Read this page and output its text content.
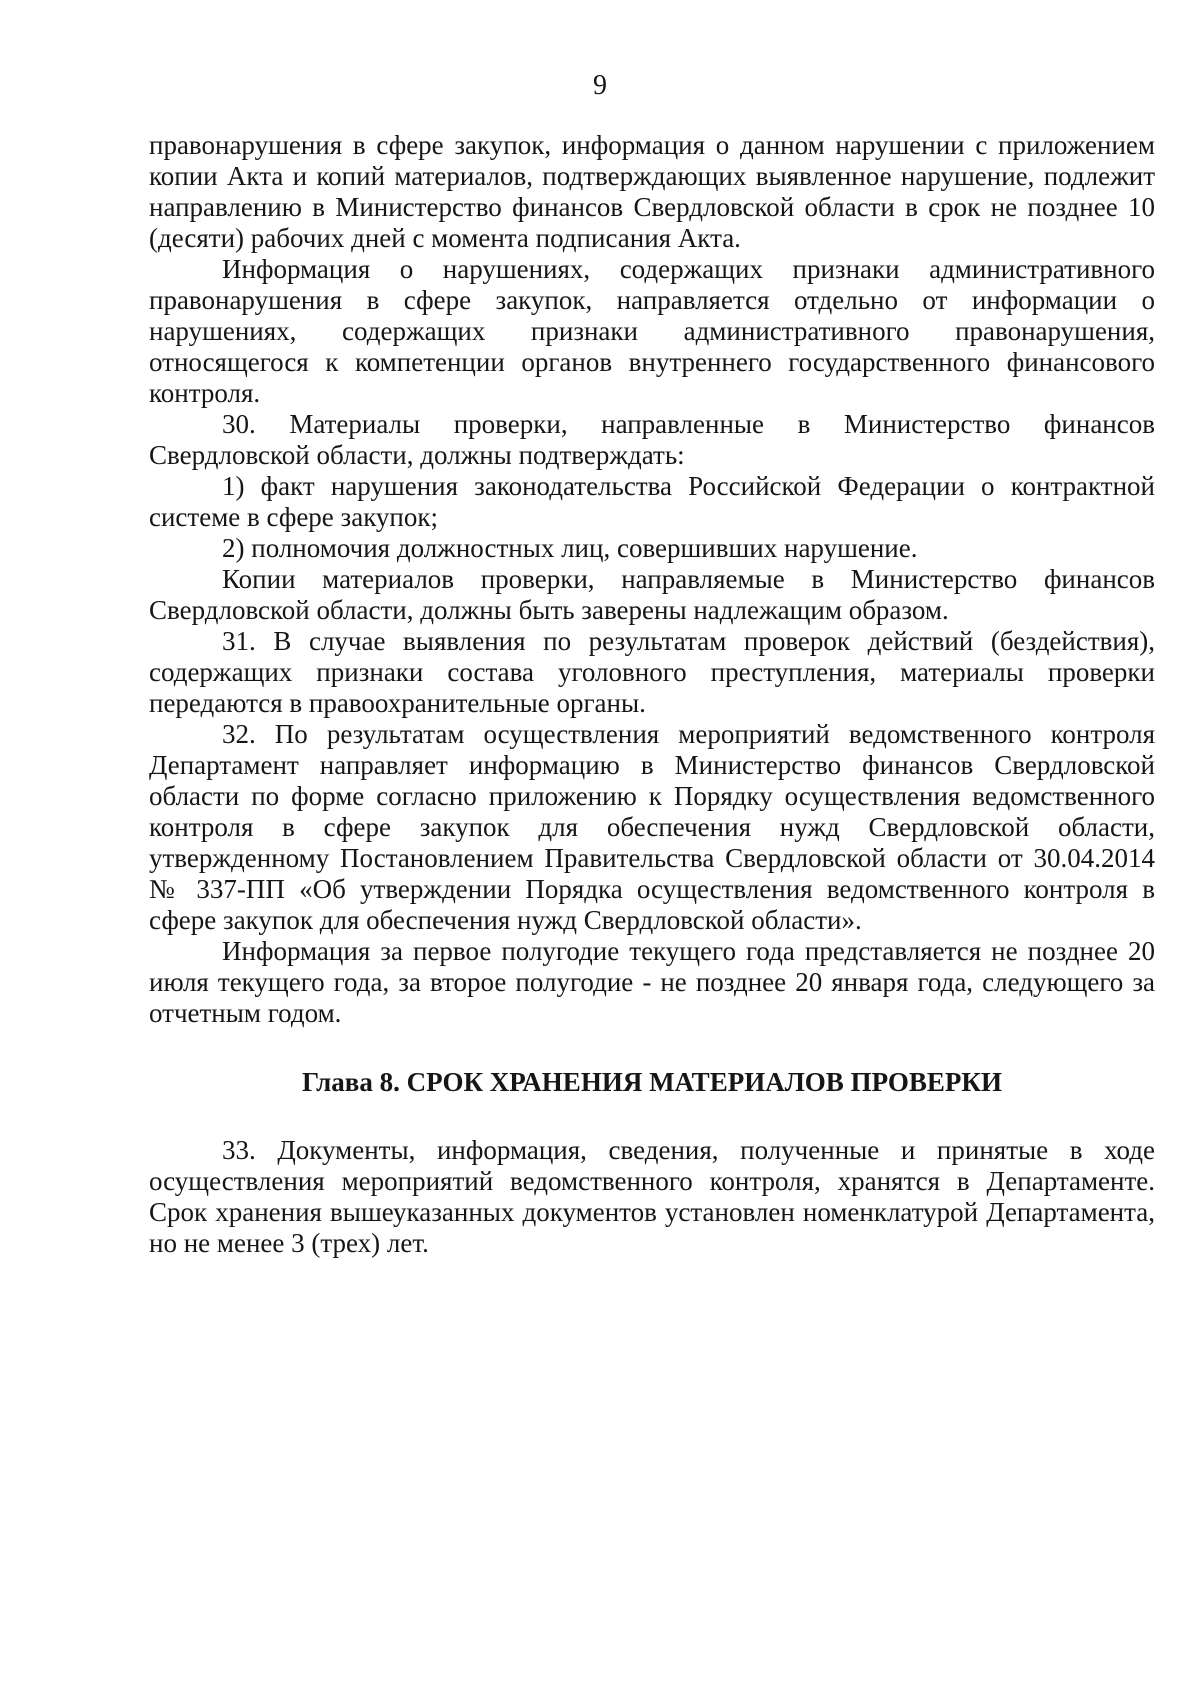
9

правонарушения в сфере закупок, информация о данном нарушении с приложением копии Акта и копий материалов, подтверждающих выявленное нарушение, подлежит направлению в Министерство финансов Свердловской области в срок не позднее 10 (десяти) рабочих дней с момента подписания Акта.

Информация о нарушениях, содержащих признаки административного правонарушения в сфере закупок, направляется отдельно от информации о нарушениях, содержащих признаки административного правонарушения, относящегося к компетенции органов внутреннего государственного финансового контроля.

30. Материалы проверки, направленные в Министерство финансов Свердловской области, должны подтверждать:

1) факт нарушения законодательства Российской Федерации о контрактной системе в сфере закупок;

2) полномочия должностных лиц, совершивших нарушение.

Копии материалов проверки, направляемые в Министерство финансов Свердловской области, должны быть заверены надлежащим образом.

31. В случае выявления по результатам проверок действий (бездействия), содержащих признаки состава уголовного преступления, материалы проверки передаются в правоохранительные органы.

32. По результатам осуществления мероприятий ведомственного контроля Департамент направляет информацию в Министерство финансов Свердловской области по форме согласно приложению к Порядку осуществления ведомственного контроля в сфере закупок для обеспечения нужд Свердловской области, утвержденному Постановлением Правительства Свердловской области от 30.04.2014 № 337-ПП «Об утверждении Порядка осуществления ведомственного контроля в сфере закупок для обеспечения нужд Свердловской области».

Информация за первое полугодие текущего года представляется не позднее 20 июля текущего года, за второе полугодие - не позднее 20 января года, следующего за отчетным годом.

Глава 8. СРОК ХРАНЕНИЯ МАТЕРИАЛОВ ПРОВЕРКИ

33. Документы, информация, сведения, полученные и принятые в ходе осуществления мероприятий ведомственного контроля, хранятся в Департаменте. Срок хранения вышеуказанных документов установлен номенклатурой Департамента, но не менее 3 (трех) лет.
